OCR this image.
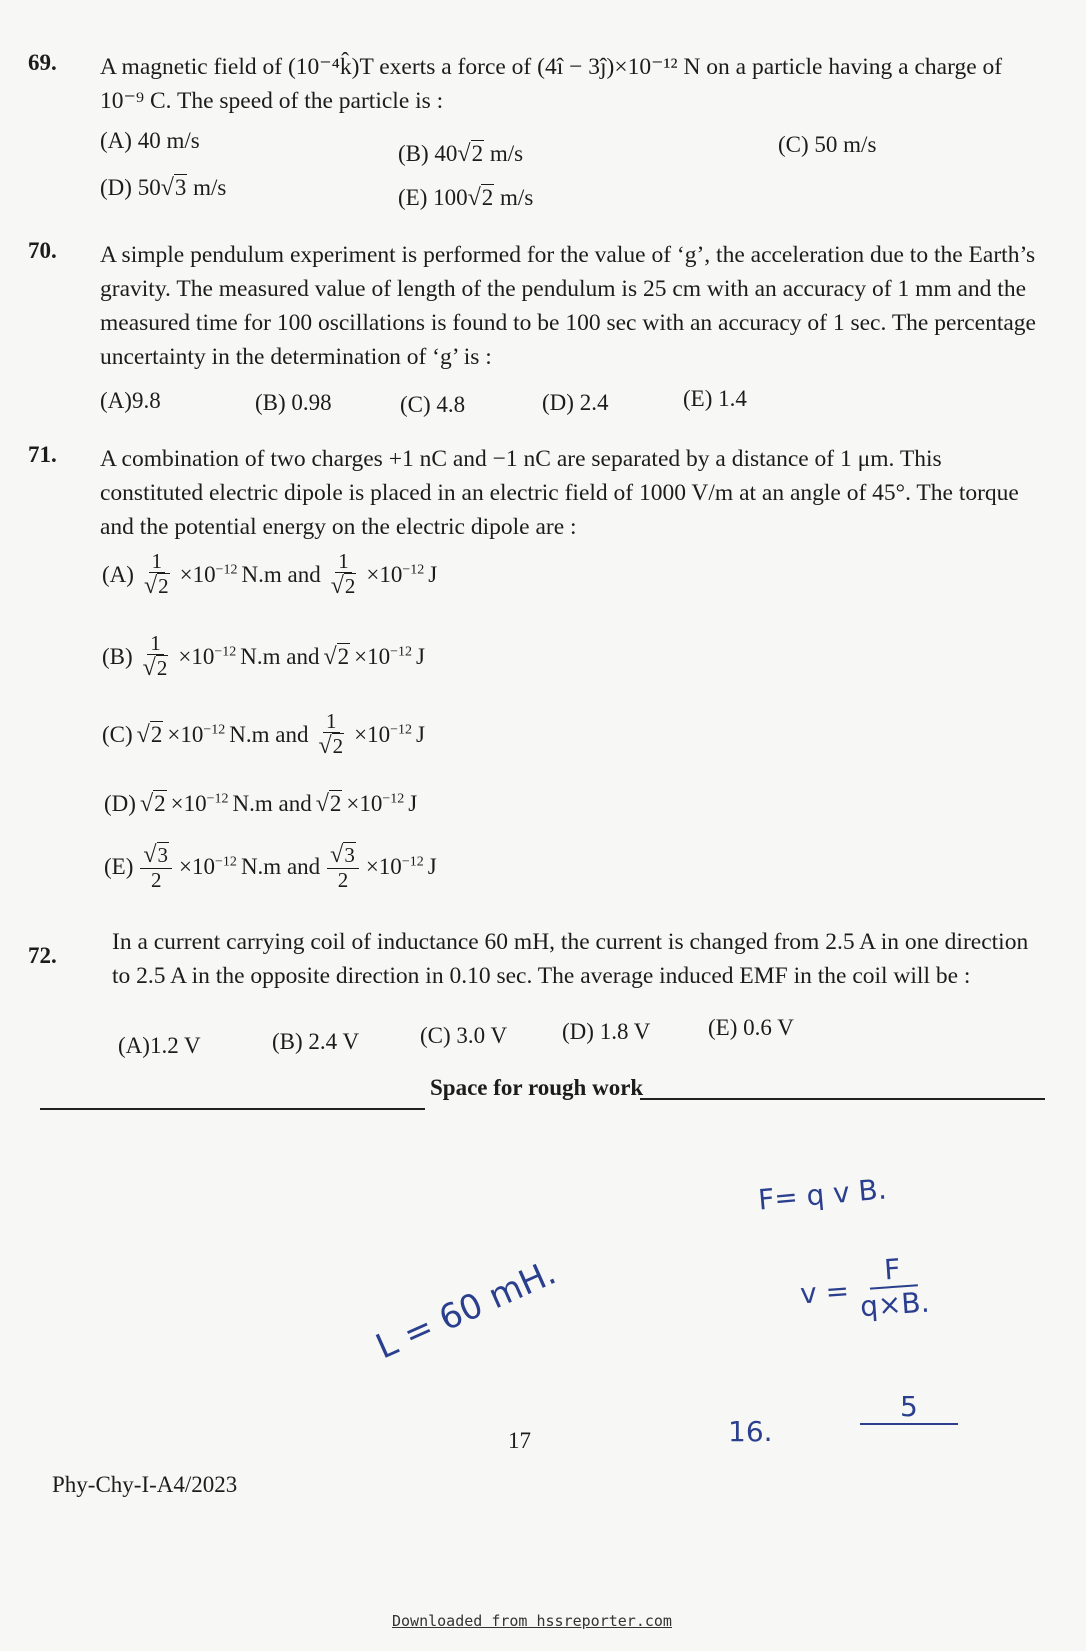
69. A magnetic field of (10⁻⁴k̂)T exerts a force of (4î − 3ĵ)×10⁻¹² N on a particle having a charge of 10⁻⁹ C. The speed of the particle is :
(A) 40 m/s
(B) 40 √ 2 m/s	(C) 50 m/s
(D) 50 √ 3 m/s	(E) 100 √ 2 m/s
70. A simple pendulum experiment is performed for the value of ‘g’, the acceleration due to the Earth’s gravity. The measured value of length of the pendulum is 25 cm with an accuracy of 1 mm and the measured time for 100 oscillations is found to be 100 sec with an accuracy of 1 sec. The percentage uncertainty in the determination of ‘g’ is :
(A)9.8	(B) 0.98	(C) 4.8	(D) 2.4	(E) 1.4
71. A combination of two charges +1 nC and −1 nC are separated by a distance of 1 μm. This constituted electric dipole is placed in an electric field of 1000 V/m at an angle of 45°. The torque and the potential energy on the electric dipole are :
$(A) \frac{1}{√ 2} \times 10^{-12}$ N.m and $\frac{1}{√ 2} \times 10^{-12}$ J
$(B) \frac{1}{√ 2} \times 10^{-12}$ N.m and √ $2 \times 10^{-12}$ J
(C) √ $2 \times 10^{-12}$ N.m and $\frac{1}{√ 2} \times 10^{-12}$ J
(D) √ $2 \times 10^{-12}$ N.m and √ $2 \times 10^{-12}$ J
$(E) \frac{√ 3}{2} \times 10^{-12}$ N.m and $\frac{√ 3}{2} \times 10^{-12}$ J
72.
In a current carrying coil of inductance 60 mH, the current is changed from 2.5 A in one direction to 2.5 A in the opposite direction in 0.10 sec. The average induced EMF in the coil will be :
(A)1.2 V	(B) 2.4 V	(C) 3.0 V (D) 1.8 V	(E) 0.6 V
Space for rough work
F= q v B.
$v = \frac{F}{q\times B.}$
L = 60 mH.
16.
5
17
Phy-Chy-I-A4/2023
Downloaded from hssreporter.com
